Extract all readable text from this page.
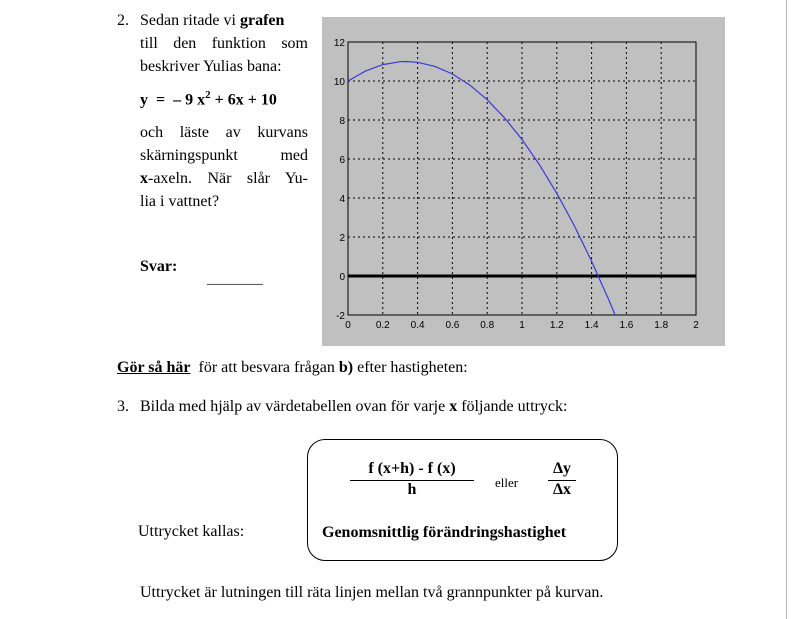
2. Sedan ritade vi grafen
till den funktion som
beskriver Yulias bana:
y = – 9 $x^2 + 6x + 10$
och läste av kurvans
skärningspunkt med
x-axeln. När slår Yu-
lia i vattnet?
Svar:
________
0	0.2 0.4 0.6 0.8	1	1.2 1.4 1.6 1.8	2
-2
0
2
4
6
8
10
12
Gör så här  för att besvara frågan b) efter hastigheten:
3. Bilda med hjälp av värdetabellen ovan för varje x följande uttryck:
f (x+h) - f (x)
h	eller
Δy
Δx
Genomsnittlig förändringshastighet
Uttrycket kallas:
Uttrycket är lutningen till räta linjen mellan två grannpunkter på kurvan.
